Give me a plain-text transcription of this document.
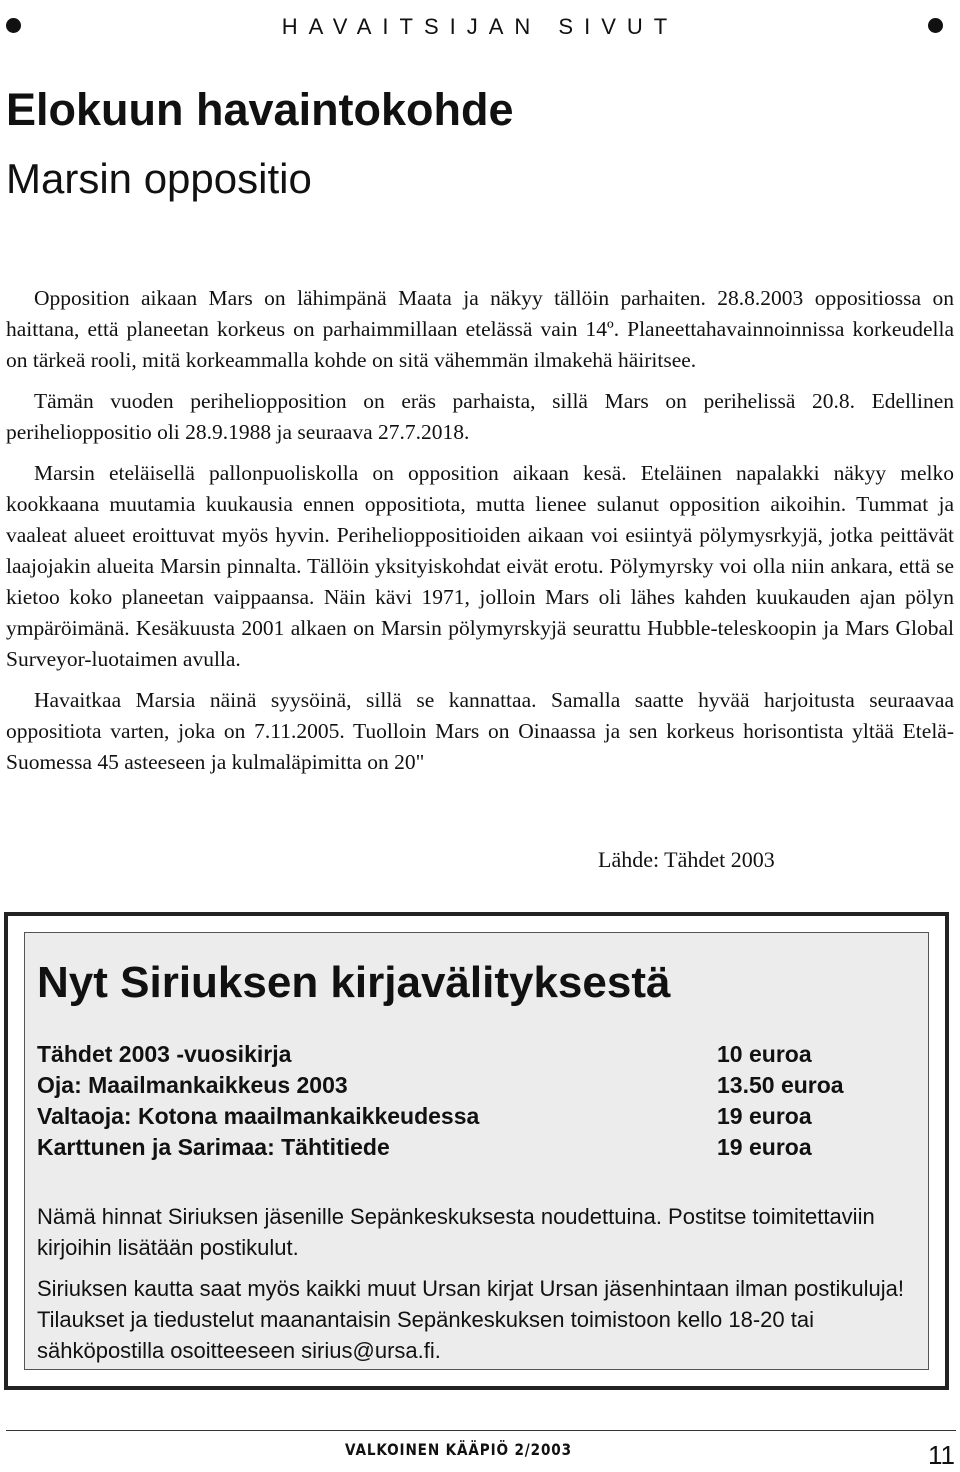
HAVAITSIJAN SIVUT
Elokuun havaintokohde
Marsin oppositio

Opposition aikaan Mars on lähimpänä Maata ja näkyy tällöin parhaiten. 28.8.2003 oppositiossa on haittana, että planeetan korkeus on parhaimmillaan etelässä vain 14º. Planeettahavainnoinnissa korkeudella on tärkeä rooli, mitä korkeammalla kohde on sitä vähemmän ilmakehä häiritsee.

Tämän vuoden periheliopposition on eräs parhaista, sillä Mars on perihelissä 20.8. Edellinen perihelioppositio oli 28.9.1988 ja seuraava 27.7.2018.

Marsin eteläisellä pallonpuoliskolla on opposition aikaan kesä. Eteläinen napalakki näkyy melko kookkaana muutamia kuukausia ennen oppositiota, mutta lienee sulanut opposition aikoihin. Tummat ja vaaleat alueet eroittuvat myös hyvin. Perihelioppositioiden aikaan voi esiintyä pölymysrkyjä, jotka peittävät laajojakin alueita Marsin pinnalta. Tällöin yksityiskohdat eivät erotu. Pölymyrsky voi olla niin ankara, että se kietoo koko planeetan vaippaansa. Näin kävi 1971, jolloin Mars oli lähes kahden kuukauden ajan pölyn ympäröimänä. Kesäkuusta 2001 alkaen on Marsin pölymyrskyjä seurattu Hubble-teleskoopin ja Mars Global Surveyor-luotaimen avulla.

Havaitkaa Marsia näinä syysöinä, sillä se kannattaa. Samalla saatte hyvää harjoitusta seuraavaa oppositiota varten, joka on 7.11.2005. Tuolloin Mars on Oinaassa ja sen korkeus horisontista yltää Etelä-Suomessa 45 asteeseen ja kulmaläpimitta on 20"

Lähde: Tähdet 2003
Nyt Siriuksen kirjavälityksestä
Tähdet 2003 -vuosikirja	10 euroa
Oja: Maailmankaikkeus 2003	13.50 euroa
Valtaoja: Kotona maailmankaikkeudessa	19 euroa
Karttunen ja Sarimaa: Tähtitiede	19 euroa

Nämä hinnat Siriuksen jäsenille Sepänkeskuksesta noudettuina. Postitse toimitettaviin kirjoihin lisätään postikulut.

Siriuksen kautta saat myös kaikki muut Ursan kirjat Ursan jäsenhintaan ilman postikuluja! Tilaukset ja tiedustelut maanantaisin Sepänkeskuksen toimistoon kello 18-20 tai sähköpostilla osoitteeseen sirius@ursa.fi.

VALKOINEN KÄÄPIÖ 2/2003	11
